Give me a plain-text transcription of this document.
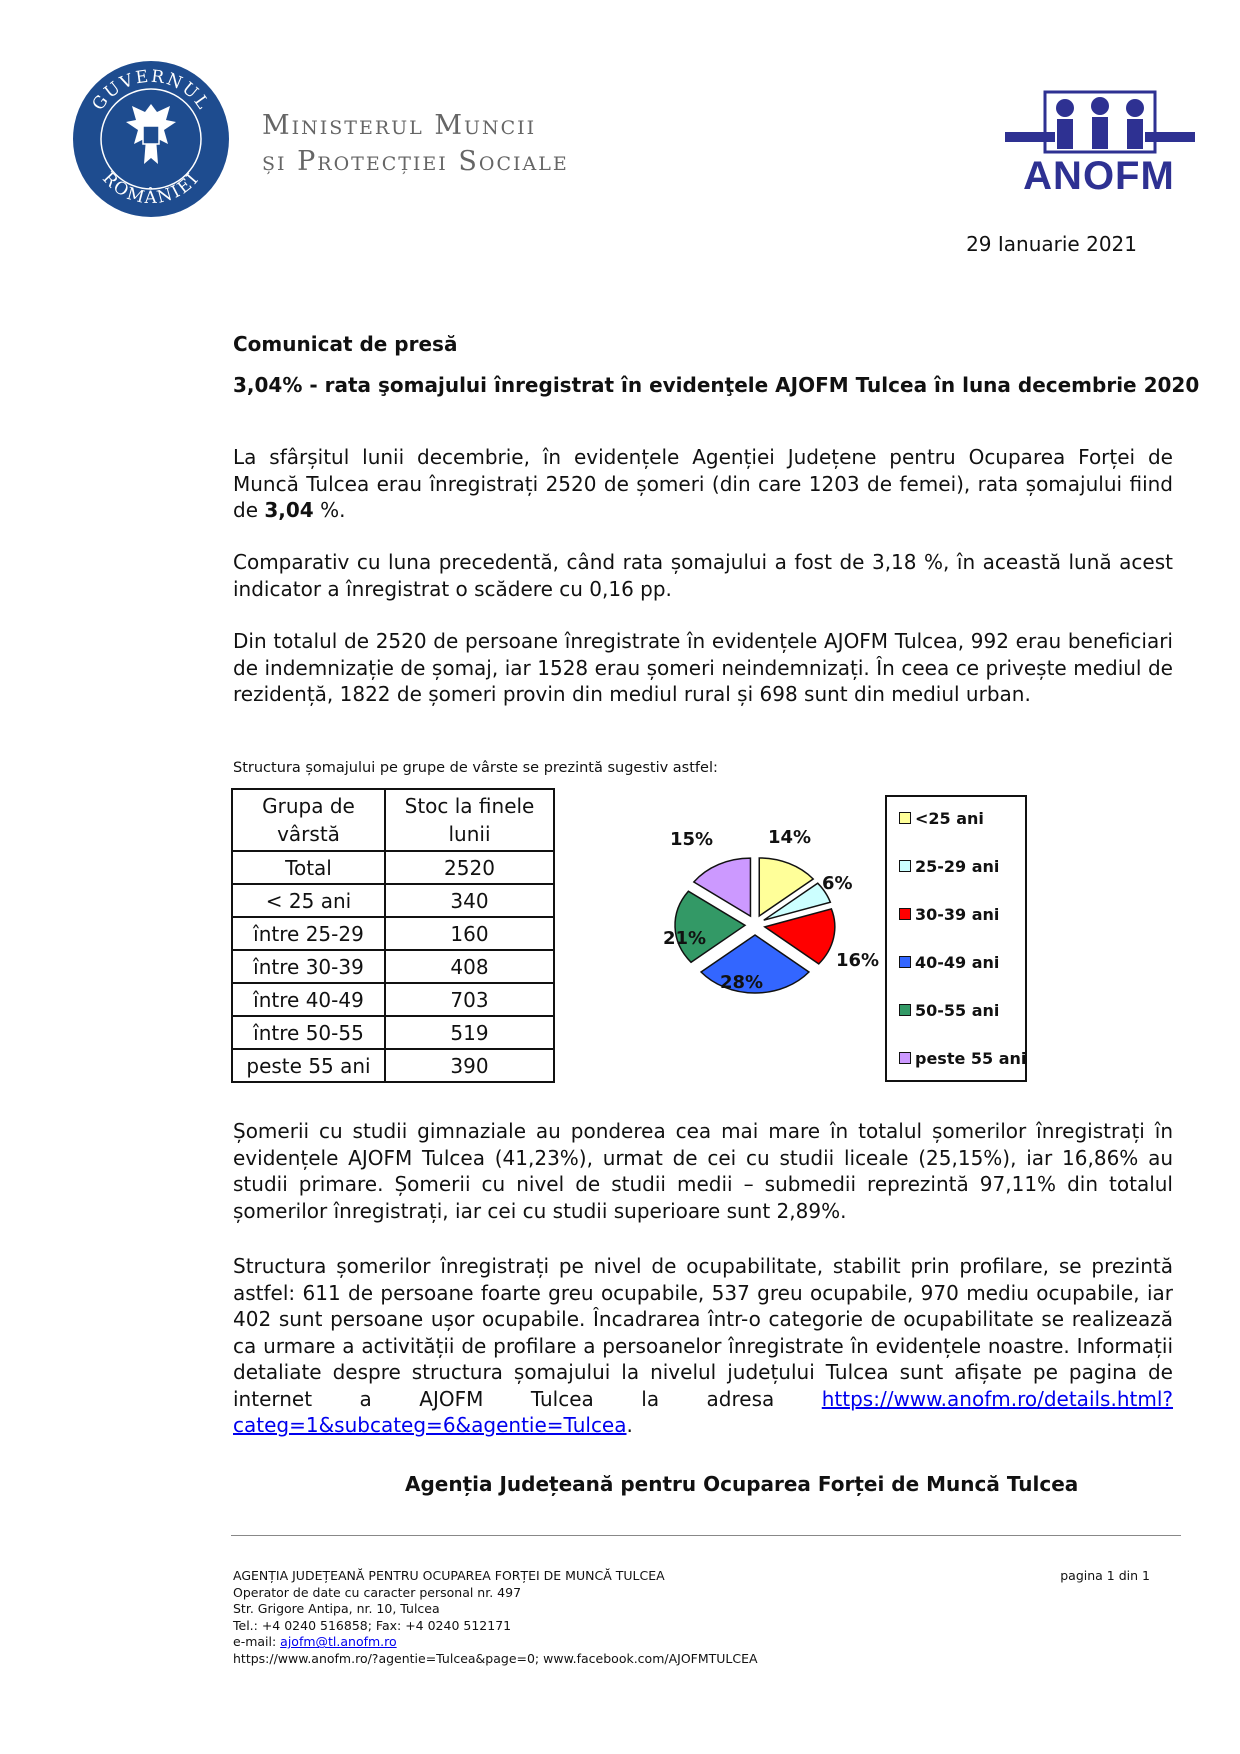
GUVERNUL
ROMÂNIEI
Ministerul Muncii
și Protecției Sociale	ANOFM
29 Ianuarie 2021
Comunicat de presă
3,04% - rata şomajului înregistrat în evidenţele AJOFM Tulcea în luna decembrie 2020
La sfârșitul lunii decembrie, în evidențele Agenției Județene pentru Ocuparea Forței de Muncă Tulcea erau înregistrați 2520 de șomeri (din care 1203 de femei), rata șomajului fiind de 3,04 %.
Comparativ cu luna precedentă, când rata șomajului a fost de 3,18 %, în această lună acest indicator a înregistrat o scădere cu 0,16 pp.
Din totalul de 2520 de persoane înregistrate în evidențele AJOFM Tulcea, 992 erau beneficiari de indemnizație de șomaj, iar 1528 erau șomeri neindemnizați. În ceea ce privește mediul de rezidență, 1822 de șomeri provin din mediul rural și 698 sunt din mediul urban.
Structura șomajului pe grupe de vârste se prezintă sugestiv astfel:
Grupa de vârstă	Stoc la finele lunii
Total	2520
< 25 ani	340
între 25-29	160
între 30-39	408
între 40-49	703
între 50-55	519
peste 55 ani	390
14%
6%
16%
28%
21%
15%
<25 ani
25-29 ani
30-39 ani
40-49 ani
50-55 ani
peste 55 ani
Șomerii cu studii gimnaziale au ponderea cea mai mare în totalul șomerilor înregistrați în evidențele AJOFM Tulcea (41,23%), urmat de cei cu studii liceale (25,15%), iar 16,86% au studii primare. Șomerii cu nivel de studii medii – submedii reprezintă 97,11% din totalul șomerilor înregistrați, iar cei cu studii superioare sunt 2,89%.
Structura șomerilor înregistrați pe nivel de ocupabilitate, stabilit prin profilare, se prezintă astfel: 611 de persoane foarte greu ocupabile, 537 greu ocupabile, 970 mediu ocupabile, iar 402 sunt persoane ușor ocupabile. Încadrarea într-o categorie de ocupabilitate se realizează ca urmare a activității de profilare a persoanelor înregistrate în evidențele noastre. Informații detaliate despre structura șomajului la nivelul județului Tulcea sunt afișate pe pagina de internet a AJOFM Tulcea la adresa https://www.anofm.ro/details.html?categ=1&subcateg=6&agentie=Tulcea.
Agenția Județeană pentru Ocuparea Forței de Muncă Tulcea
AGENȚIA JUDEȚEANĂ PENTRU OCUPAREA FORȚEI DE MUNCĂ TULCEA
Operator de date cu caracter personal nr. 497
Str. Grigore Antipa, nr. 10, Tulcea
Tel.: +4 0240 516858; Fax: +4 0240 512171
e-mail: ajofm@tl.anofm.ro
https://www.anofm.ro/?agentie=Tulcea&page=0; www.facebook.com/AJOFMTULCEA
pagina 1 din 1
